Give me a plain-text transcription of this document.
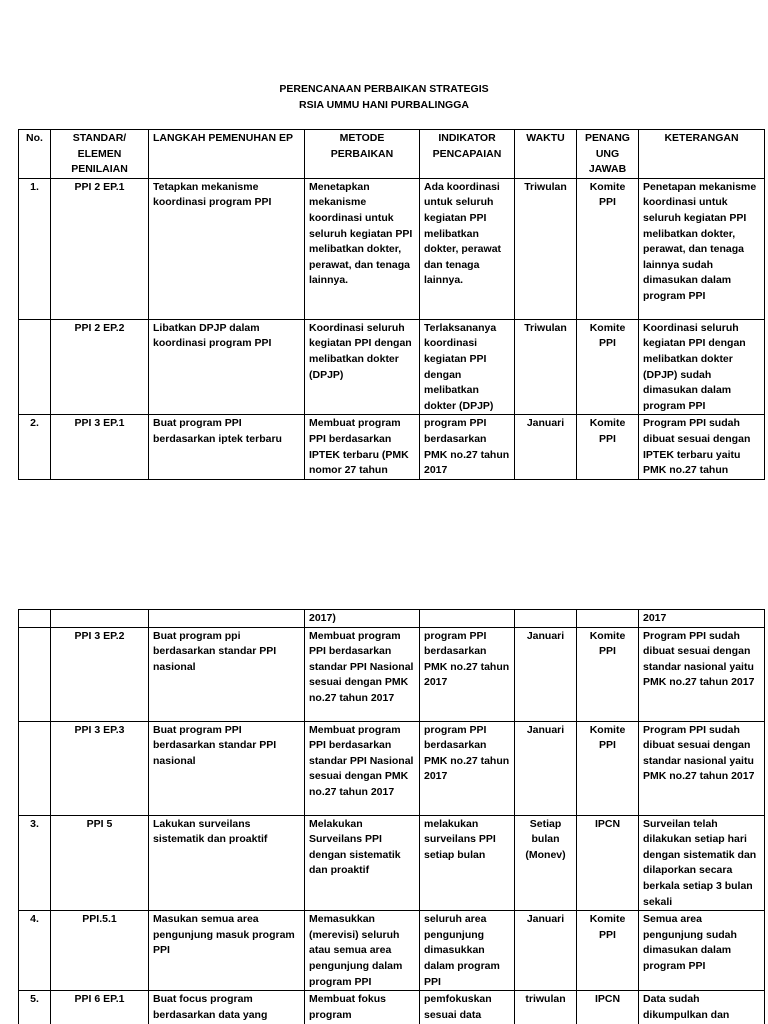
PERENCANAAN PERBAIKAN STRATEGIS
RSIA UMMU HANI PURBALINGGA
No.	STANDAR/ ELEMEN PENILAIAN	LANGKAH PEMENUHAN EP	METODE PERBAIKAN	INDIKATOR PENCAPAIAN	WAKTU	PENANG UNG JAWAB	KETERANGAN
1.	PPI 2 EP.1	Tetapkan mekanisme koordinasi program PPI	Menetapkan mekanisme koordinasi untuk seluruh kegiatan PPI melibatkan dokter, perawat, dan tenaga lainnya.	Ada koordinasi untuk seluruh kegiatan PPI melibatkan dokter, perawat dan tenaga lainnya.	Triwulan	Komite PPI	Penetapan mekanisme koordinasi untuk seluruh kegiatan PPI melibatkan dokter, perawat, dan tenaga lainnya sudah dimasukan dalam program PPI
	PPI 2 EP.2	Libatkan DPJP dalam koordinasi program PPI	Koordinasi seluruh kegiatan PPI dengan melibatkan dokter (DPJP)	Terlaksananya koordinasi kegiatan PPI dengan melibatkan dokter (DPJP)	Triwulan	Komite PPI	Koordinasi seluruh kegiatan PPI dengan melibatkan dokter (DPJP) sudah dimasukan dalam program PPI
2.	PPI 3 EP.1	Buat program PPI berdasarkan iptek terbaru	Membuat program PPI berdasarkan IPTEK terbaru (PMK nomor 27 tahun	program PPI berdasarkan PMK no.27 tahun 2017	Januari	Komite PPI	Program PPI sudah dibuat sesuai dengan IPTEK terbaru yaitu PMK no.27 tahun
			2017)				2017
	PPI 3 EP.2	Buat program ppi berdasarkan standar PPI nasional	Membuat program PPI berdasarkan standar PPI Nasional sesuai dengan PMK no.27 tahun 2017	program PPI berdasarkan PMK no.27 tahun 2017	Januari	Komite PPI	Program PPI sudah dibuat sesuai dengan standar nasional yaitu PMK no.27 tahun 2017
	PPI 3 EP.3	Buat program PPI berdasarkan standar PPI nasional	Membuat program PPI berdasarkan standar PPI Nasional sesuai dengan PMK no.27 tahun 2017	program PPI berdasarkan PMK no.27 tahun 2017	Januari	Komite PPI	Program PPI sudah dibuat sesuai dengan standar nasional yaitu PMK no.27 tahun 2017
3.	PPI 5	Lakukan surveilans sistematik dan proaktif	Melakukan Surveilans PPI dengan sistematik dan proaktif	melakukan surveilans PPI setiap bulan	Setiap bulan (Monev)	IPCN	Surveilan telah dilakukan setiap hari dengan sistematik dan dilaporkan secara berkala setiap 3 bulan sekali
4.	PPI.5.1	Masukan semua area pengunjung masuk program PPI	Memasukkan (merevisi) seluruh atau semua area pengunjung dalam program PPI	seluruh area pengunjung dimasukkan dalam program PPI	Januari	Komite PPI	Semua area pengunjung sudah dimasukan dalam program PPI
5.	PPI 6 EP.1	Buat focus program berdasarkan data yang	Membuat fokus program	pemfokuskan sesuai data	triwulan	IPCN	Data sudah dikumpulkan dan
